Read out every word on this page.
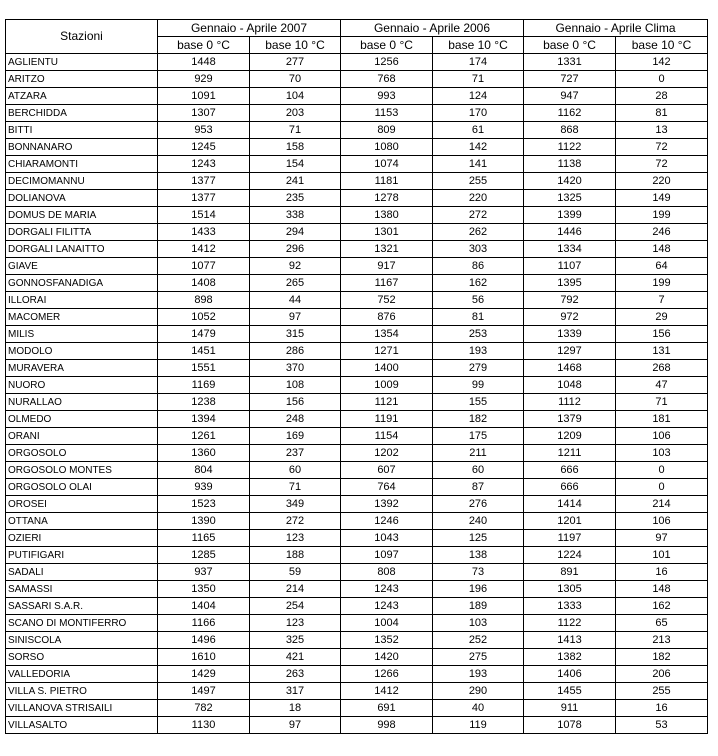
Stazioni	Gennaio - Aprile 2007		Gennaio - Aprile 2006		Gennaio - Aprile Clima	
	base 0 °C	base 10 °C	base 0 °C	base 10 °C	base 0 °C	base 10 °C
AGLIENTU	1448	277	1256	174	1331	142
ARITZO	929	70	768	71	727	0
ATZARA	1091	104	993	124	947	28
BERCHIDDA	1307	203	1153	170	1162	81
BITTI	953	71	809	61	868	13
BONNANARO	1245	158	1080	142	1122	72
CHIARAMONTI	1243	154	1074	141	1138	72
DECIMOMANNU	1377	241	1181	255	1420	220
DOLIANOVA	1377	235	1278	220	1325	149
DOMUS DE MARIA	1514	338	1380	272	1399	199
DORGALI FILITTA	1433	294	1301	262	1446	246
DORGALI LANAITTO	1412	296	1321	303	1334	148
GIAVE	1077	92	917	86	1107	64
GONNOSFANADIGA	1408	265	1167	162	1395	199
ILLORAI	898	44	752	56	792	7
MACOMER	1052	97	876	81	972	29
MILIS	1479	315	1354	253	1339	156
MODOLO	1451	286	1271	193	1297	131
MURAVERA	1551	370	1400	279	1468	268
NUORO	1169	108	1009	99	1048	47
NURALLAO	1238	156	1121	155	1112	71
OLMEDO	1394	248	1191	182	1379	181
ORANI	1261	169	1154	175	1209	106
ORGOSOLO	1360	237	1202	211	1211	103
ORGOSOLO MONTES	804	60	607	60	666	0
ORGOSOLO OLAI	939	71	764	87	666	0
OROSEI	1523	349	1392	276	1414	214
OTTANA	1390	272	1246	240	1201	106
OZIERI	1165	123	1043	125	1197	97
PUTIFIGARI	1285	188	1097	138	1224	101
SADALI	937	59	808	73	891	16
SAMASSI	1350	214	1243	196	1305	148
SASSARI S.A.R.	1404	254	1243	189	1333	162
SCANO DI MONTIFERRO	1166	123	1004	103	1122	65
SINISCOLA	1496	325	1352	252	1413	213
SORSO	1610	421	1420	275	1382	182
VALLEDORIA	1429	263	1266	193	1406	206
VILLA S. PIETRO	1497	317	1412	290	1455	255
VILLANOVA STRISAILI	782	18	691	40	911	16
VILLASALTO	1130	97	998	119	1078	53
